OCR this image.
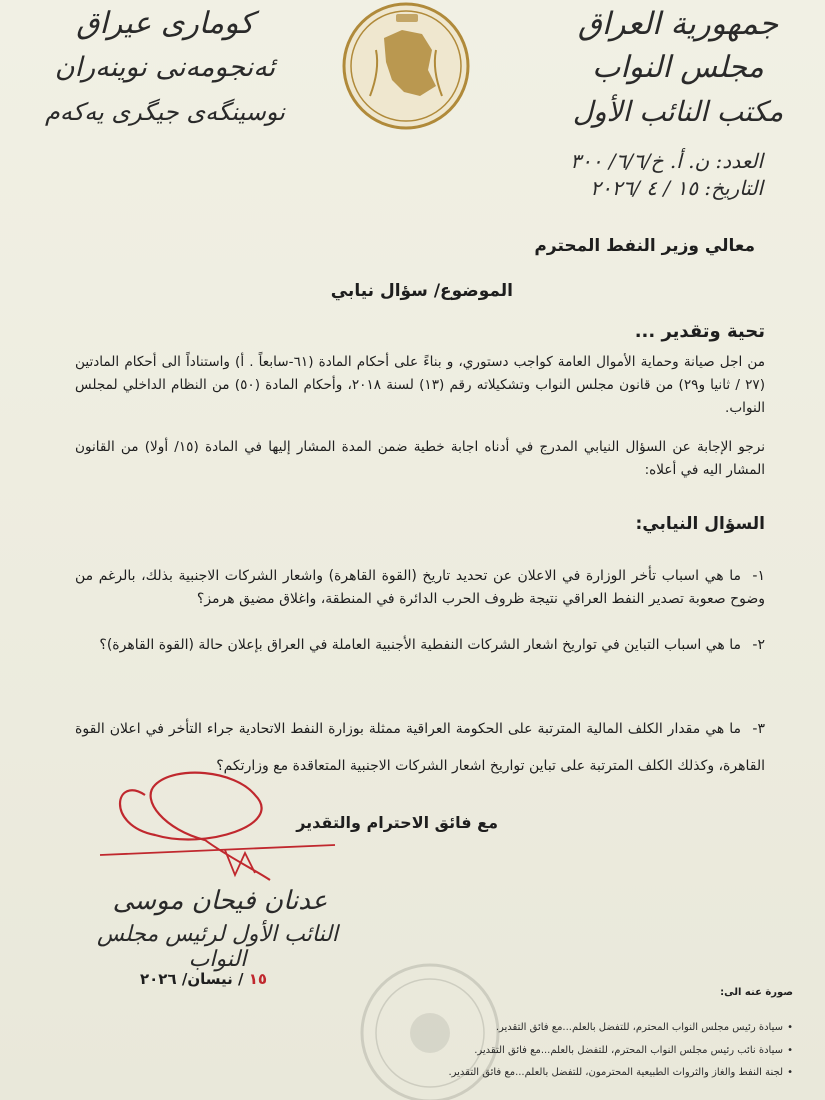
جمهورية العراق
مجلس النواب
مكتب النائب الأول
كوماری عیراق
ئه‌نجومه‌نی نوینه‌ران
نوسینگه‌ی جیگری یه‌كه‌م
العدد: ن. أ. خ/٦/٦/ ٣٠٠
التاريخ: ١٥ / ٤ /٢٠٢٦
معالي وزير النفط المحترم
الموضوع/ سؤال نيابي
تحية وتقدير ...
من اجل صيانة وحماية الأموال العامة كواجب دستوري، و بناءً على أحكام المادة (٦١-سابعاً . أ) واستناداً الى أحكام المادتين (٢٧ / ثانيا و٢٩) من قانون مجلس النواب وتشكيلاته رقم (١٣) لسنة ٢٠١٨، وأحكام المادة (٥٠) من النظام الداخلي لمجلس النواب.
نرجو الإجابة عن السؤال النيابي المدرج في أدناه اجابة خطية ضمن المدة المشار إليها في المادة (١٥/ أولا) من القانون المشار اليه في أعلاه:
السؤال النيابي:
١-ما هي اسباب تأخر الوزارة في الاعلان عن تحديد تاريخ (القوة القاهرة) واشعار الشركات الاجنبية بذلك، بالرغم من وضوح صعوبة تصدير النفط العراقي نتيجة ظروف الحرب الدائرة في المنطقة، واغلاق مضيق هرمز؟
٢-ما هي اسباب التباين في تواريخ اشعار الشركات النفطية الأجنبية العاملة في العراق بإعلان حالة (القوة القاهرة)؟
٣-ما هي مقدار الكلف المالية المترتبة على الحكومة العراقية ممثلة بوزارة النفط الاتحادية جراء التأخر في اعلان القوة القاهرة، وكذلك الكلف المترتبة على تباين تواريخ اشعار الشركات الاجنبية المتعاقدة مع وزارتكم؟
مع فائق الاحترام والتقدير
عدنان فيحان موسى
النائب الأول لرئيس مجلس النواب
١٥ / نيسان/ ٢٠٢٦
صورة عنه الى:
•سيادة رئيس مجلس النواب المحترم، للتفضل بالعلم...مع فائق التقدير.
•سيادة نائب رئيس مجلس النواب المحترم، للتفضل بالعلم...مع فائق التقدير.
•لجنة النفط والغاز والثروات الطبيعية المحترمون، للتفضل بالعلم...مع فائق التقدير.
